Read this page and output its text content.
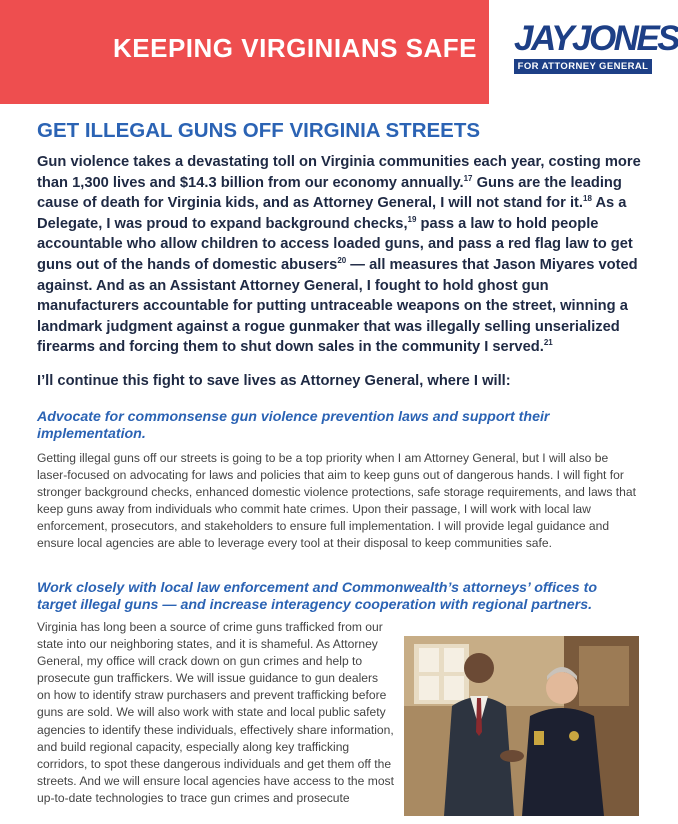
KEEPING VIRGINIANS SAFE JAYJONES
FOR ATTORNEY GENERAL
GET ILLEGAL GUNS OFF VIRGINIA STREETS
Gun violence takes a devastating toll on Virginia communities each year, costing more than 1,300 lives and $14.3 billion from our economy annually.$^{17}$ Guns are the leading cause of death for Virginia kids, and as Attorney General, I will not stand for it.$^{18}$ As a Delegate, I was proud to expand background checks,$^{19}$ pass a law to hold people accountable who allow children to access loaded guns, and pass a red flag law to get guns out of the hands of domestic abusers$^{20}$ — all measures that Jason Miyares voted against. And as an Assistant Attorney General, I fought to hold ghost gun manufacturers accountable for putting untraceable weapons on the street, winning a landmark judgment against a rogue gunmaker that was illegally selling unserialized firearms and forcing them to shut down sales in the community I served.$^{21}$
I’ll continue this fight to save lives as Attorney General, where I will:
Advocate for commonsense gun violence prevention laws and support their implementation.
Getting illegal guns off our streets is going to be a top priority when I am Attorney General, but I will also be laser-focused on advocating for laws and policies that aim to keep guns out of dangerous hands. I will fight for stronger background checks, enhanced domestic violence protections, safe storage requirements, and laws that keep guns away from individuals who commit hate crimes. Upon their passage, I will work with local law enforcement, prosecutors, and stakeholders to ensure full implementation. I will provide legal guidance and ensure local agencies are able to leverage every tool at their disposal to keep communities safe.
Work closely with local law enforcement and Commonwealth’s attorneys’ offices to target illegal guns — and increase interagency cooperation with regional partners.
Virginia has long been a source of crime guns trafficked from our state into our neighboring states, and it is shameful. As Attorney General, my office will crack down on gun crimes and help to prosecute gun traffickers. We will issue guidance to gun dealers on how to identify straw purchasers and prevent trafficking before guns are sold. We will also work with state and local public safety agencies to identify these individuals, effectively share information, and build regional capacity, especially along key trafficking corridors, to spot these dangerous individuals and get them off the streets. And we will ensure local agencies have access to the most up-to-date technologies to trace gun crimes and prosecute
